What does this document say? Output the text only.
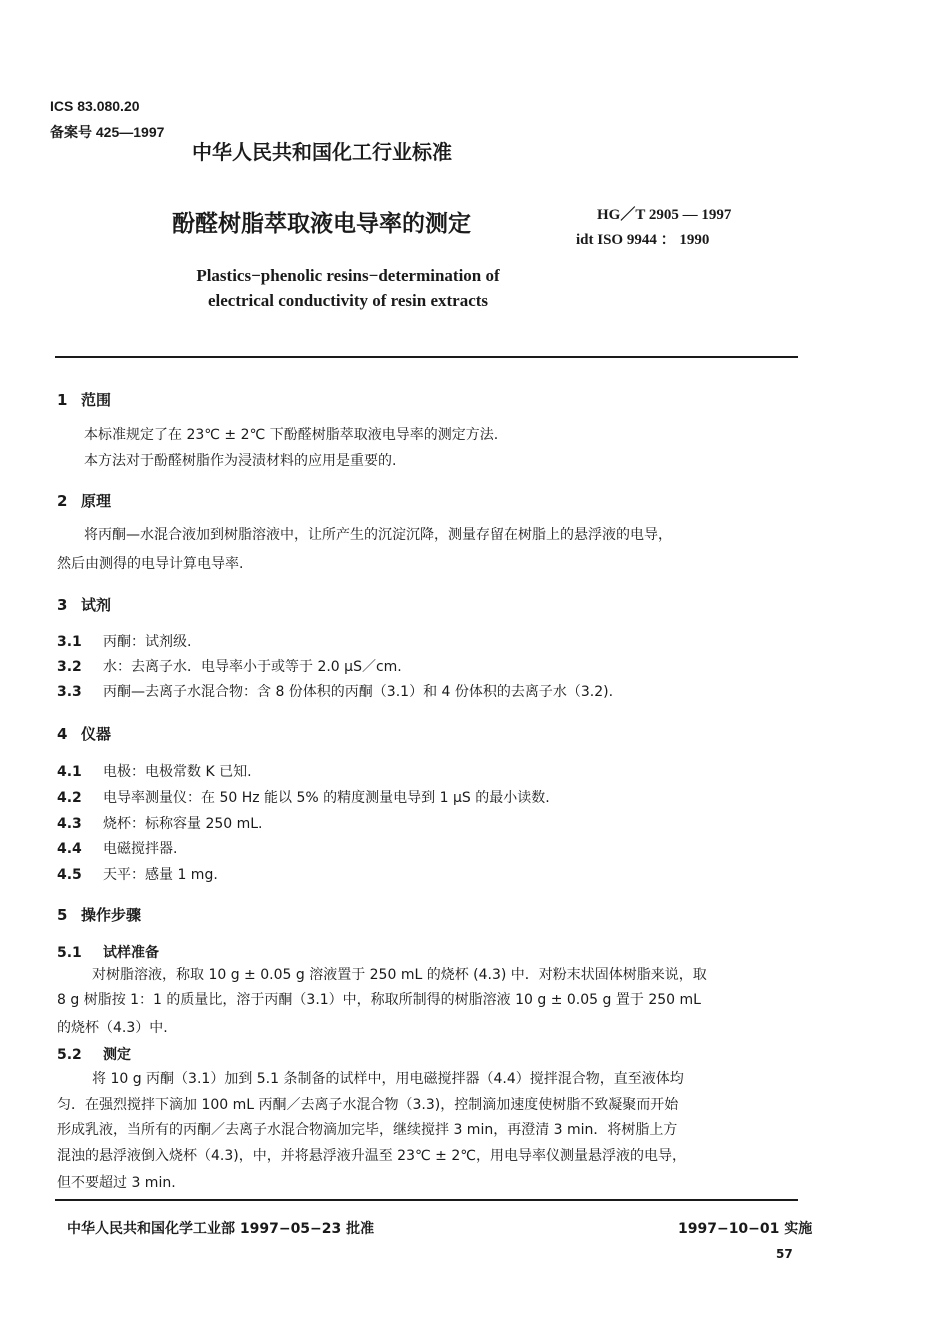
ICS 83.080.20
备案号 425—1997
中华人民共和国化工行业标准
酚醛树脂萃取液电导率的测定	HG／T 2905 — 1997
idt ISO 9944 ： 1990
Plastics−phenolic resins−determination of
electrical conductivity of resin extracts
1 范围
本标准规定了在 23℃ ± 2℃ 下酚醛树脂萃取液电导率的测定方法.
本方法对于酚醛树脂作为浸渍材料的应用是重要的.
2 原理
将丙酮—水混合液加到树脂溶液中，让所产生的沉淀沉降，测量存留在树脂上的悬浮液的电导，
然后由测得的电导计算电导率.
3 试剂
3.1 丙酮：试剂级.
3.2 水：去离子水．电导率小于或等于 2.0 μS／cm.
3.3 丙酮—去离子水混合物：含 8 份体积的丙酮（3.1）和 4 份体积的去离子水（3.2).
4 仪器
4.1 电极：电极常数 K 已知.
4.2 电导率测量仪：在 50 Hz 能以 5% 的精度测量电导到 1 μS 的最小读数.
4.3 烧杯：标称容量 250 mL.
4.4 电磁搅拌器.
4.5 天平：感量 1 mg.
5 操作步骤
5.1 试样准备
对树脂溶液，称取 10 g ± 0.05 g 溶液置于 250 mL 的烧杯 (4.3) 中．对粉末状固体树脂来说，取
8 g 树脂按 1：1 的质量比，溶于丙酮（3.1）中，称取所制得的树脂溶液 10 g ± 0.05 g 置于 250 mL
的烧杯（4.3）中.
5.2 测定
将 10 g 丙酮（3.1）加到 5.1 条制备的试样中，用电磁搅拌器（4.4）搅拌混合物，直至液体均
匀．在强烈搅拌下滴加 100 mL 丙酮／去离子水混合物（3.3)，控制滴加速度使树脂不致凝聚而开始
形成乳液，当所有的丙酮／去离子水混合物滴加完毕，继续搅拌 3 min，再澄清 3 min．将树脂上方
混浊的悬浮液倒入烧杯（4.3)，中，并将悬浮液升温至 23℃ ± 2℃，用电导率仪测量悬浮液的电导，
但不要超过 3 min.
中华人民共和国化学工业部 1997−05−23 批准	1997−10−01 实施
57
